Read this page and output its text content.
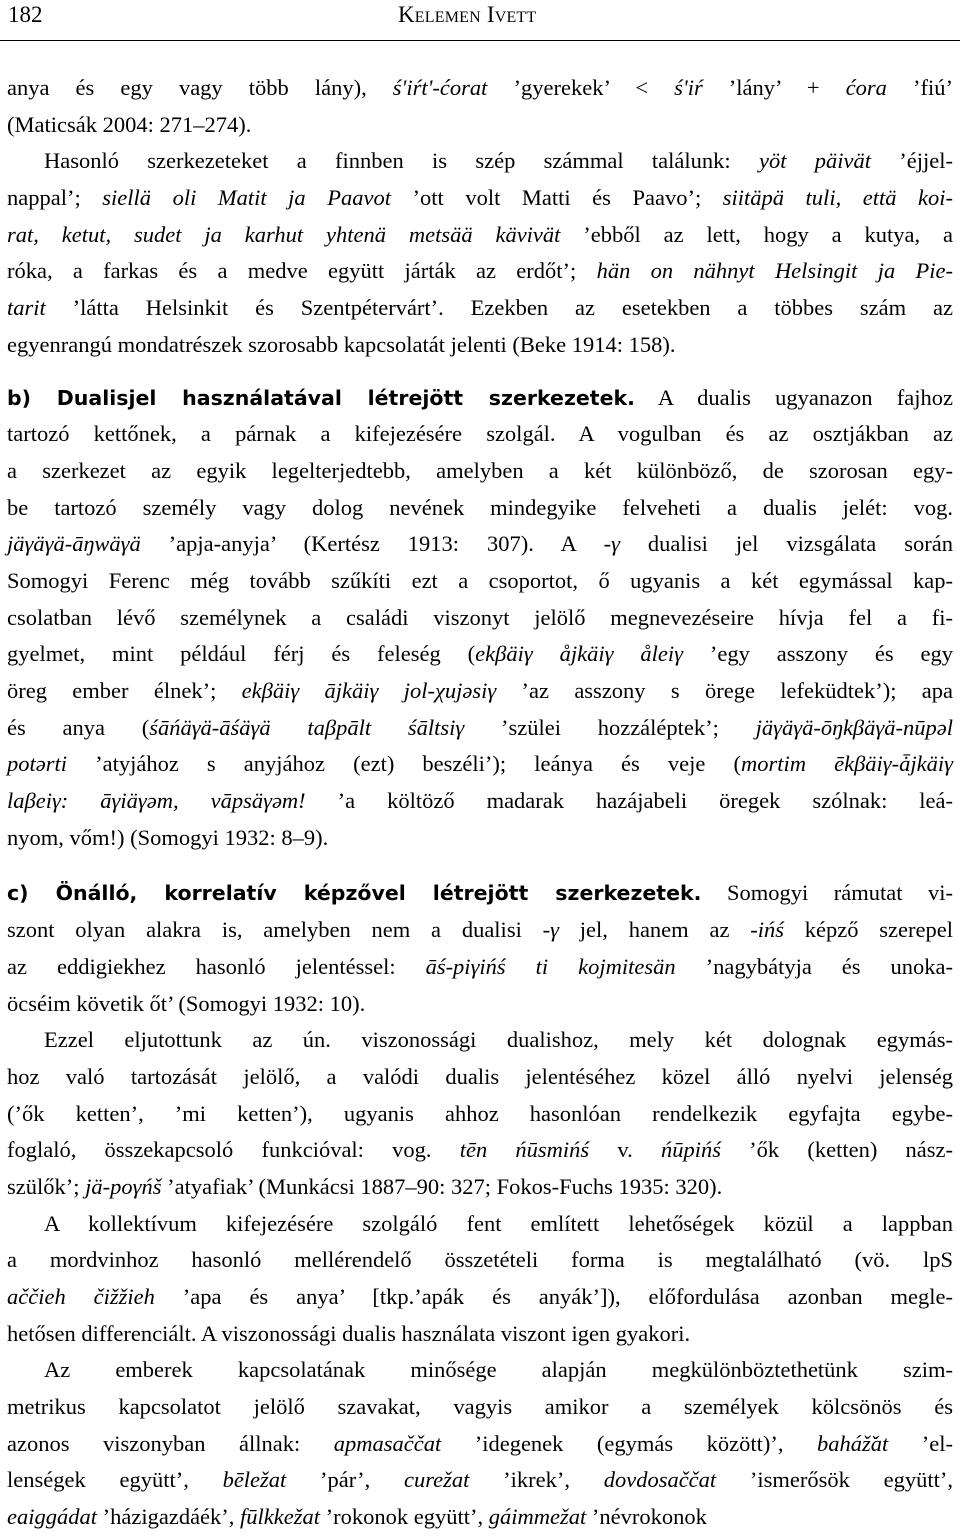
182	Kelemen Ivett
anya és egy vagy több lány), ś'iŕt'-ćorat ’gyerekek’ < ś'iŕ ’lány’ + ćora ’fiú’
(Maticsák 2004: 271–274).
Hasonló szerkezeteket a finnben is szép számmal találunk: yöt päivät ’éjjel-
nappal’; siellä oli Matit ja Paavot ’ott volt Matti és Paavo’; siitäpä tuli, että koi-
rat, ketut, sudet ja karhut yhtenä metsää kävivät ’ebből az lett, hogy a kutya, a
róka, a farkas és a medve együtt járták az erdőt’; hän on nähnyt Helsingit ja Pie-
tarit ’látta Helsinkit és Szentpétervárt’. Ezekben az esetekben a többes szám az
egyenrangú mondatrészek szorosabb kapcsolatát jelenti (Beke 1914: 158).
b) Dualisjel használatával létrejött szerkezetek. A dualis ugyanazon fajhoz
tartozó kettőnek, a párnak a kifejezésére szolgál. A vogulban és az osztjákban az
a szerkezet az egyik legelterjedtebb, amelyben a két különböző, de szorosan egy-
be tartozó személy vagy dolog nevének mindegyike felveheti a dualis jelét: vog.
jäγäγä-āŋwäγä ’apja-anyja’ (Kertész 1913: 307). A -γ dualisi jel vizsgálata során
Somogyi Ferenc még tovább szűkíti ezt a csoportot, ő ugyanis a két egymással kap-
csolatban lévő személynek a családi viszonyt jelölő megnevezéseire hívja fel a fi-
gyelmet, mint például férj és feleség (ekβäiγ åjkäiγ åleiγ ’egy asszony és egy
öreg ember élnek’; ekβäiγ ājkäiγ jol-χujəsiγ ’az asszony s örege lefeküdtek’); apa
és anya (śāńäγä-āśäγä taβpālt śāltsiγ ’szülei hozzáléptek’; jäγäγä-ōŋkβäγä-nūpəl
potərti ’atyjához s anyjához (ezt) beszéli’); leánya és veje (mortim ēkβäiγ-ǡjkäiγ
laβeiγ: āγiäγəm, vāpsäγəm! ’a költöző madarak hazájabeli öregek szólnak: leá-
nyom, vőm!) (Somogyi 1932: 8–9).
c) Önálló, korrelatív képzővel létrejött szerkezetek. Somogyi rámutat vi-
szont olyan alakra is, amelyben nem a dualisi -γ jel, hanem az -ińś képző szerepel
az eddigiekhez hasonló jelentéssel: āś-piγińś ti kojmitesän ’nagybátyja és unoka-
öcséim követik őt’ (Somogyi 1932: 10).
Ezzel eljutottunk az ún. viszonossági dualishoz, mely két dolognak egymás-
hoz való tartozását jelölő, a valódi dualis jelentéséhez közel álló nyelvi jelenség
(’ők ketten’, ’mi ketten’), ugyanis ahhoz hasonlóan rendelkezik egyfajta egybe-
foglaló, összekapcsoló funkcióval: vog. tēn ńūsmińś v. ńūpińś ’ők (ketten) nász-
szülők’; jä-poγńš ’atyafiak’ (Munkácsi 1887–90: 327; Fokos-Fuchs 1935: 320).
A kollektívum kifejezésére szolgáló fent említett lehetőségek közül a lappban
a mordvinhoz hasonló mellérendelő összetételi forma is megtalálható (vö. lpS
aččieh čižžieh ’apa és anya’ [tkp.’apák és anyák’]), előfordulása azonban megle-
hetősen differenciált. A viszonossági dualis használata viszont igen gyakori.
Az emberek kapcsolatának minősége alapján megkülönböztethetünk szim-
metrikus kapcsolatot jelölő szavakat, vagyis amikor a személyek kölcsönös és
azonos viszonyban állnak: apmasaččat ’idegenek (egymás között)’, baháž̌at ’el-
lenségek együtt’, bēležat ’pár’, curežat ’ikrek’, dovdosaččat ’ismerősök együtt’,
eaiggádat ’házigazdáék’, fūlkkežat ’rokonok együtt’, gáimmežat ’névrokonok
